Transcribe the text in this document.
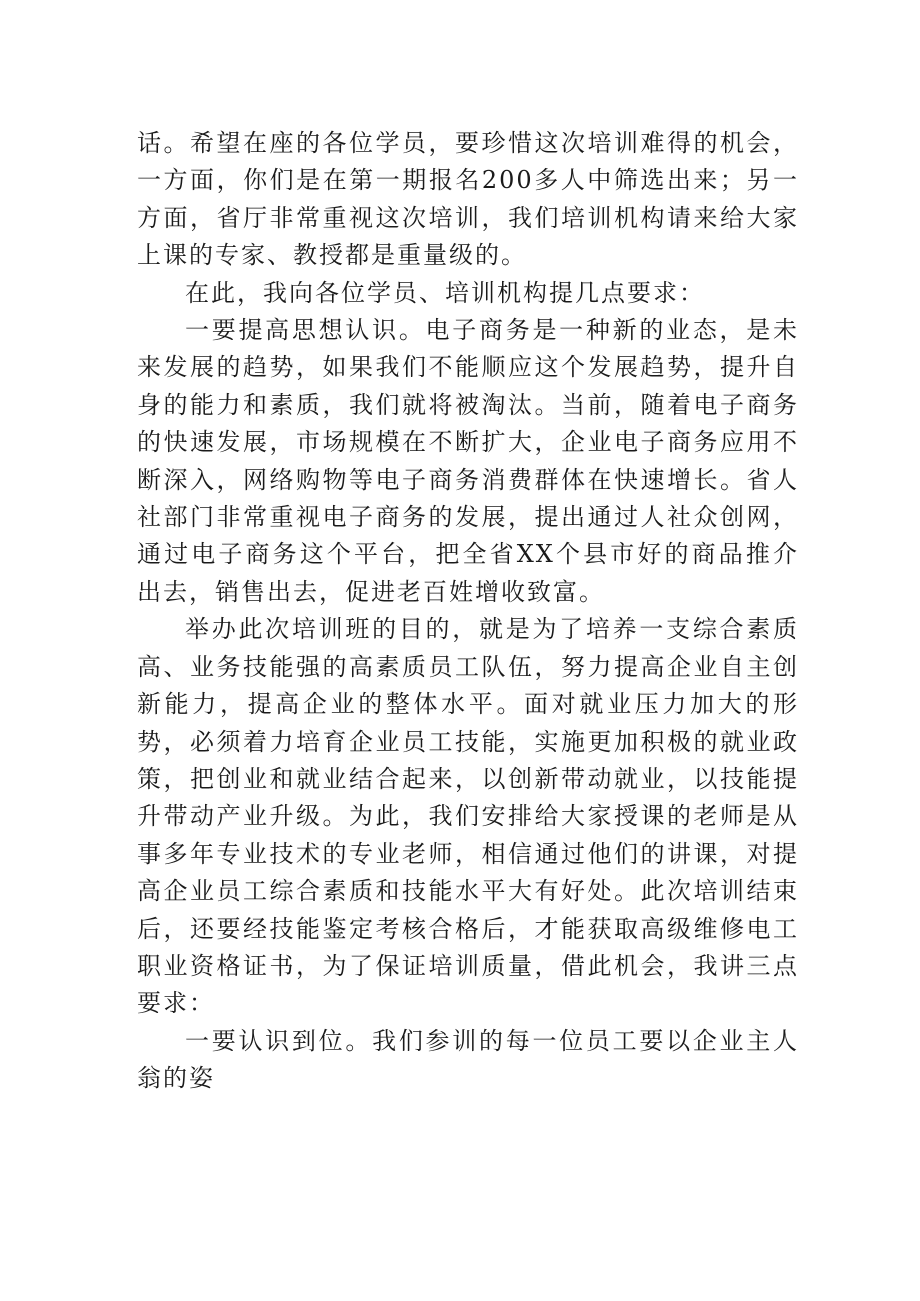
话。希望在座的各位学员，要珍惜这次培训难得的机会，一方面，你们是在第一期报名200多人中筛选出来；另一方面，省厅非常重视这次培训，我们培训机构请来给大家上课的专家、教授都是重量级的。

在此，我向各位学员、培训机构提几点要求：

一要提高思想认识。电子商务是一种新的业态，是未来发展的趋势，如果我们不能顺应这个发展趋势，提升自身的能力和素质，我们就将被淘汰。当前，随着电子商务的快速发展，市场规模在不断扩大，企业电子商务应用不断深入，网络购物等电子商务消费群体在快速增长。省人社部门非常重视电子商务的发展，提出通过人社众创网，通过电子商务这个平台，把全省XX个县市好的商品推介出去，销售出去，促进老百姓增收致富。

举办此次培训班的目的，就是为了培养一支综合素质高、业务技能强的高素质员工队伍，努力提高企业自主创新能力，提高企业的整体水平。面对就业压力加大的形势，必须着力培育企业员工技能，实施更加积极的就业政策，把创业和就业结合起来，以创新带动就业，以技能提升带动产业升级。为此，我们安排给大家授课的老师是从事多年专业技术的专业老师，相信通过他们的讲课，对提高企业员工综合素质和技能水平大有好处。此次培训结束后，还要经技能鉴定考核合格后，才能获取高级维修电工职业资格证书，为了保证培训质量，借此机会，我讲三点要求：

一要认识到位。我们参训的每一位员工要以企业主人翁的姿
